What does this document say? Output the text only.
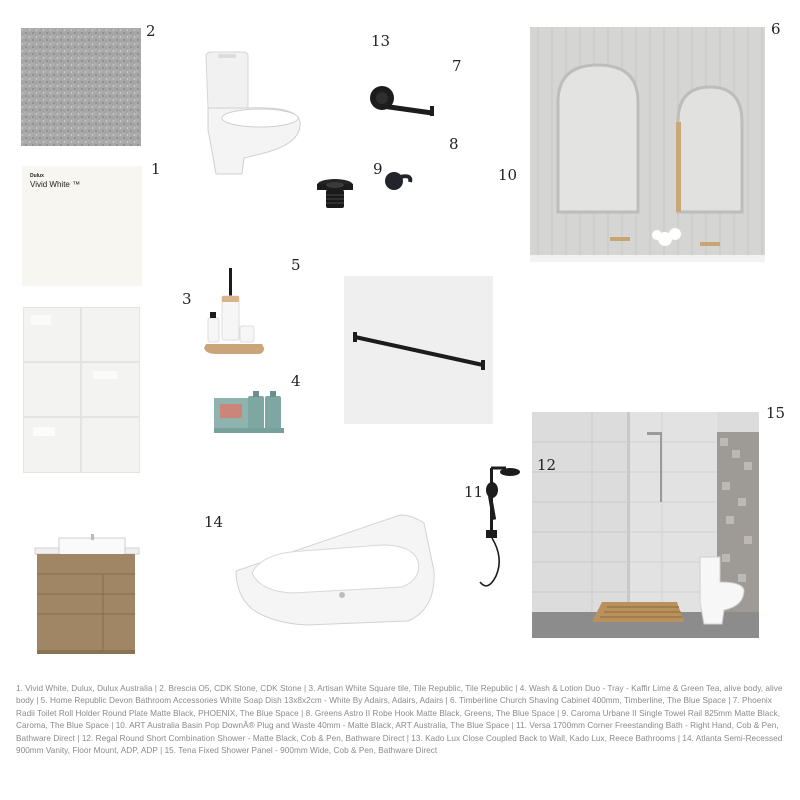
2
Dulux
Vivid White ™
1
13
7
8
9
6
10
5
3
4
15
12
11
14
1. Vivid White, Dulux, Dulux Australia | 2. Brescia O5, CDK Stone, CDK Stone | 3. Artisan White Square tile, Tile Republic, Tile Republic | 4. Wash & Lotion Duo - Tray - Kaffir Lime & Green Tea, alive body, alive body | 5. Home Republic Devon Bathroom Accessories White Soap Dish 13x8x2cm - White By Adairs, Adairs, Adairs | 6. Timberline Church Shaving Cabinet 400mm, Timberline, The Blue Space | 7. Phoenix Radii Toilet Roll Holder Round Plate Matte Black, PHOENIX, The Blue Space | 8. Greens Astro II Robe Hook Matte Black, Greens, The Blue Space | 9. Caroma Urbane II Single Towel Rail 825mm Matte Black, Caroma, The Blue Space | 10. ART Australia Basin Pop DownÂ® Plug and Waste 40mm - Matte Black, ART Australia, The Blue Space | 11. Versa 1700mm Corner Freestanding Bath - Right Hand, Cob & Pen, Bathware Direct | 12. Regal Round Short Combination Shower - Matte Black, Cob & Pen, Bathware Direct | 13. Kado Lux Close Coupled Back to Wall, Kado Lux, Reece Bathrooms | 14. Atlanta Semi-Recessed 900mm Vanity, Floor Mount, ADP, ADP | 15. Tena Fixed Shower Panel - 900mm Wide, Cob & Pen, Bathware Direct
